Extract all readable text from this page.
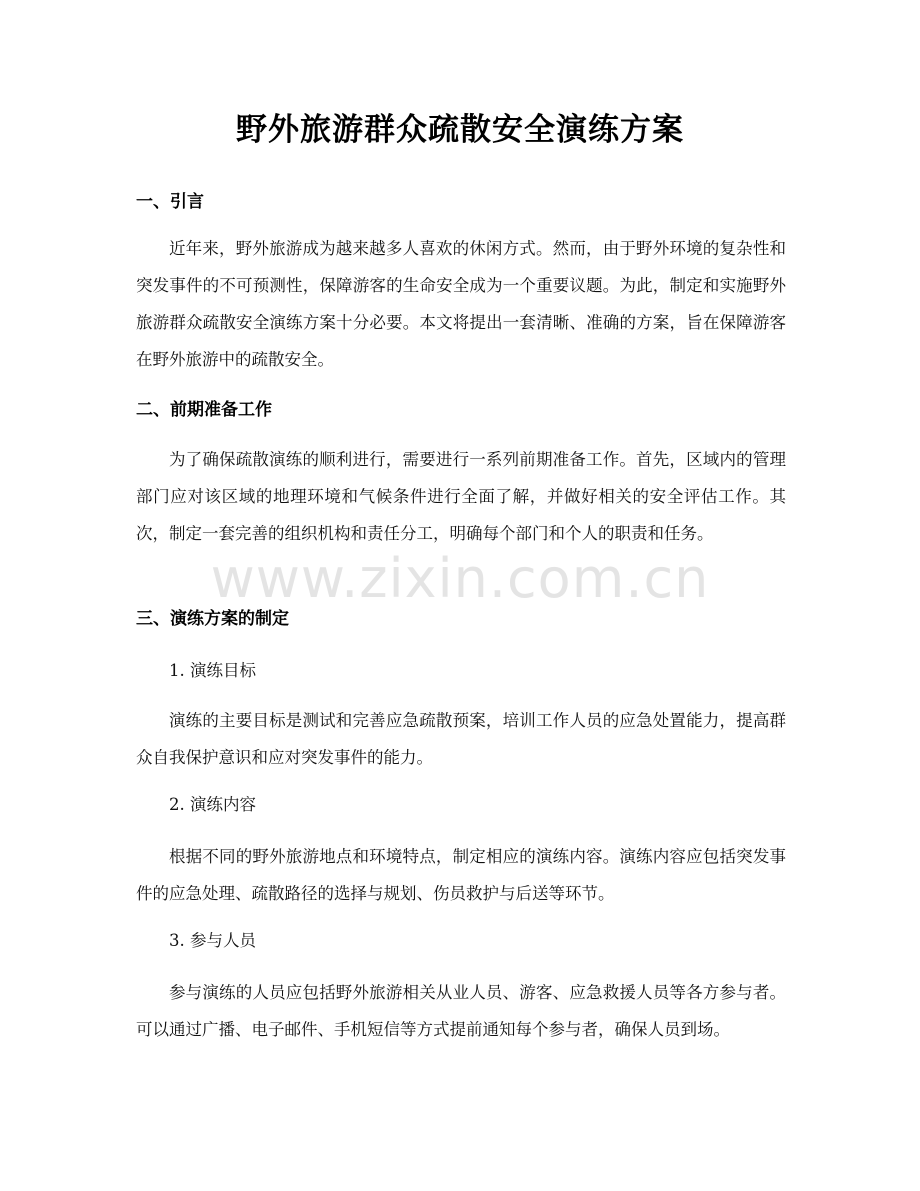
野外旅游群众疏散安全演练方案
一、引言

近年来，野外旅游成为越来越多人喜欢的休闲方式。然而，由于野外环境的复杂性和突发事件的不可预测性，保障游客的生命安全成为一个重要议题。为此，制定和实施野外旅游群众疏散安全演练方案十分必要。本文将提出一套清晰、准确的方案，旨在保障游客在野外旅游中的疏散安全。

二、前期准备工作

为了确保疏散演练的顺利进行，需要进行一系列前期准备工作。首先，区域内的管理部门应对该区域的地理环境和气候条件进行全面了解，并做好相关的安全评估工作。其次，制定一套完善的组织机构和责任分工，明确每个部门和个人的职责和任务。

三、演练方案的制定

1. 演练目标

演练的主要目标是测试和完善应急疏散预案，培训工作人员的应急处置能力，提高群众自我保护意识和应对突发事件的能力。

2. 演练内容

根据不同的野外旅游地点和环境特点，制定相应的演练内容。演练内容应包括突发事件的应急处理、疏散路径的选择与规划、伤员救护与后送等环节。

3. 参与人员

参与演练的人员应包括野外旅游相关从业人员、游客、应急救援人员等各方参与者。可以通过广播、电子邮件、手机短信等方式提前通知每个参与者，确保人员到场。

www.zixin.com.cn
